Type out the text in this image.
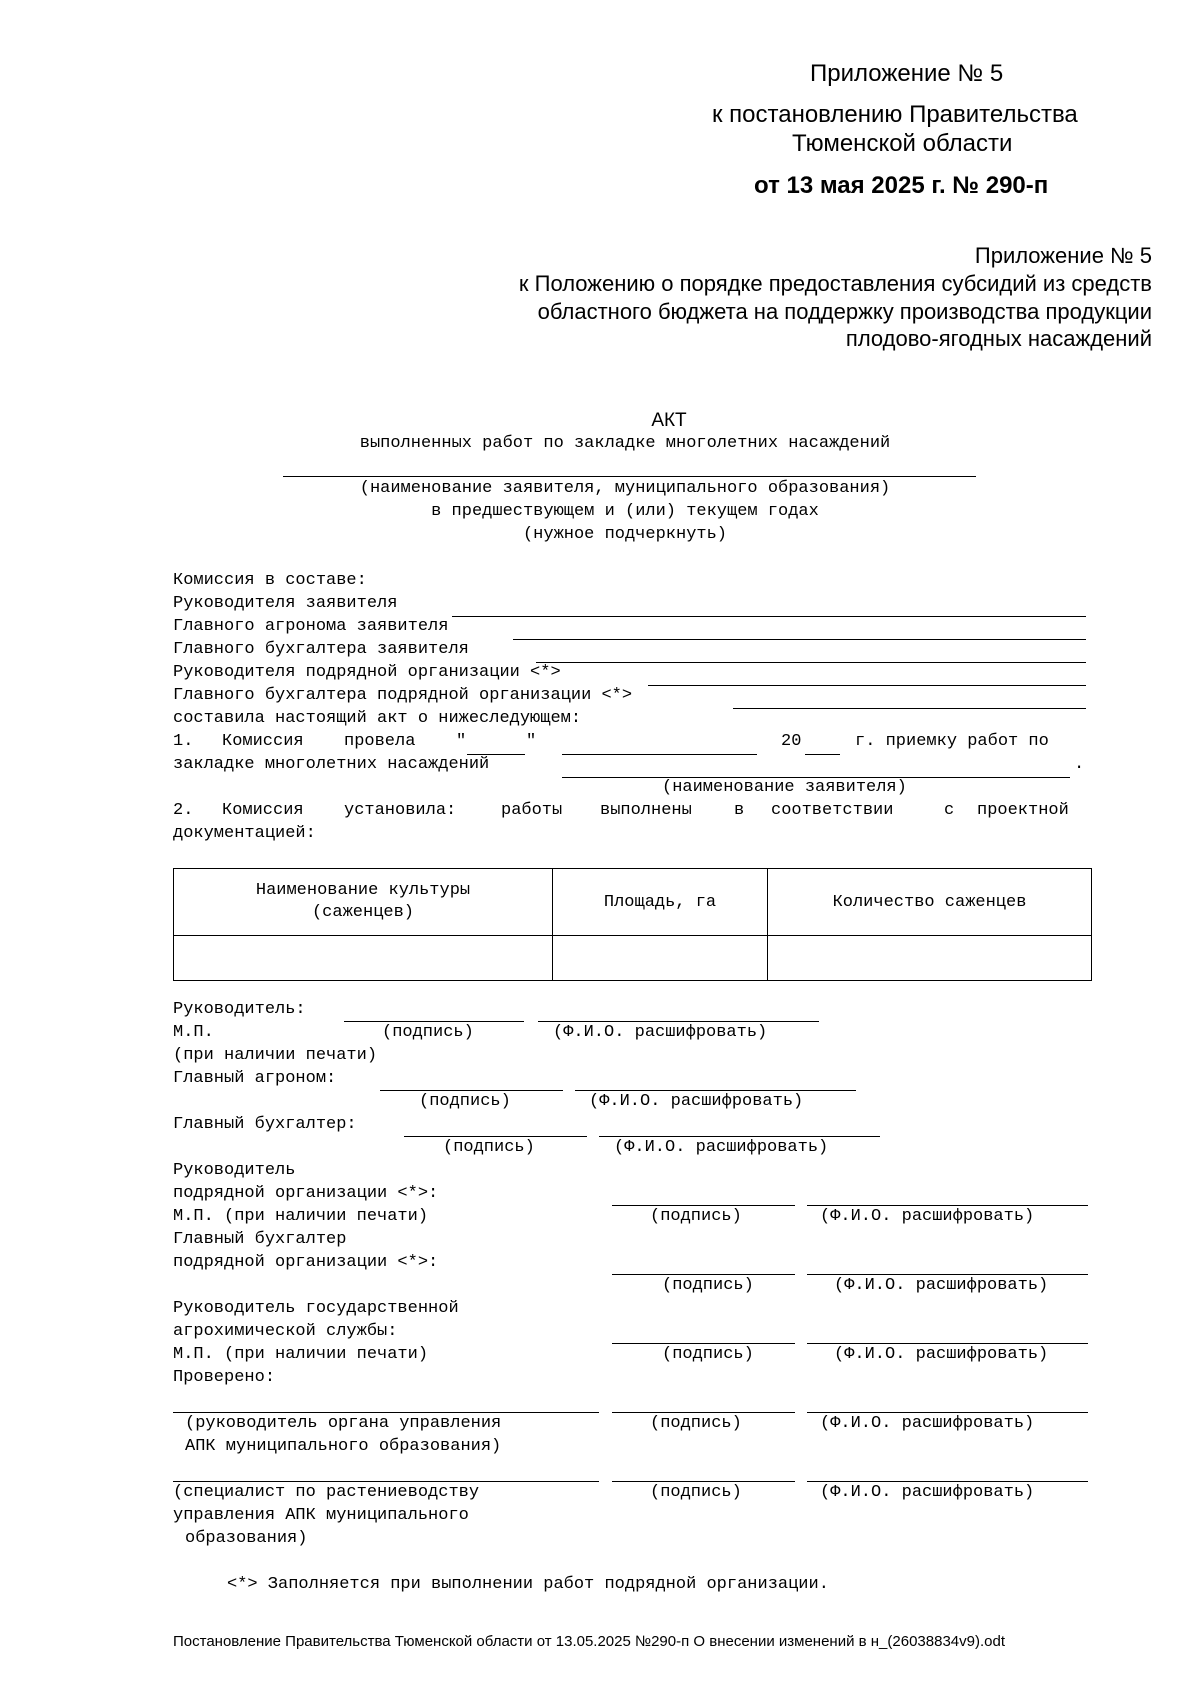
Приложение № 5
к постановлению Правительства
Тюменской области
от 13 мая 2025 г. № 290-п
Приложение № 5
к Положению о порядке предоставления субсидий из средств
областного бюджета на поддержку производства продукции
плодово-ягодных насаждений
АКТ
выполненных работ по закладке многолетних насаждений
(наименование заявителя, муниципального образования)
в предшествующем и (или) текущем годах
(нужное подчеркнуть)
Комиссия в составе:
Руководителя заявителя
Главного агронома заявителя
Главного бухгалтера заявителя
Руководителя подрядной организации <*>
Главного бухгалтера подрядной организации <*>
составила настоящий акт о нижеследующем:
1. Комиссия провела "	"	20	г. приемку работ по
закладке многолетних насаждений	.
(наименование заявителя)
2. Комиссия установила:	работы выполнены в соответствии	с проектной
документацией:
Наименование культуры
(саженцев)	Площадь, га	Количество саженцев

Руководитель:
М.П.	(подпись)	(Ф.И.О. расшифровать)
(при наличии печати)
Главный агроном:
(подпись)	(Ф.И.О. расшифровать)
Главный бухгалтер:
(подпись)	(Ф.И.О. расшифровать)
Руководитель
подрядной организации <*>:
М.П. (при наличии печати)	(подпись)	(Ф.И.О. расшифровать)
Главный бухгалтер
подрядной организации <*>:
(подпись)	(Ф.И.О. расшифровать)
Руководитель государственной
агрохимической службы:
М.П. (при наличии печати)	(подпись)	(Ф.И.О. расшифровать)
Проверено:
(руководитель органа управления	(подпись)	(Ф.И.О. расшифровать)
АПК муниципального образования)
(специалист по растениеводству	(подпись)	(Ф.И.О. расшифровать)
управления АПК муниципального
образования)
<*> Заполняется при выполнении работ подрядной организации.
Постановление Правительства Тюменской области от 13.05.2025 №290-п О внесении изменений в н_(26038834v9).odt
